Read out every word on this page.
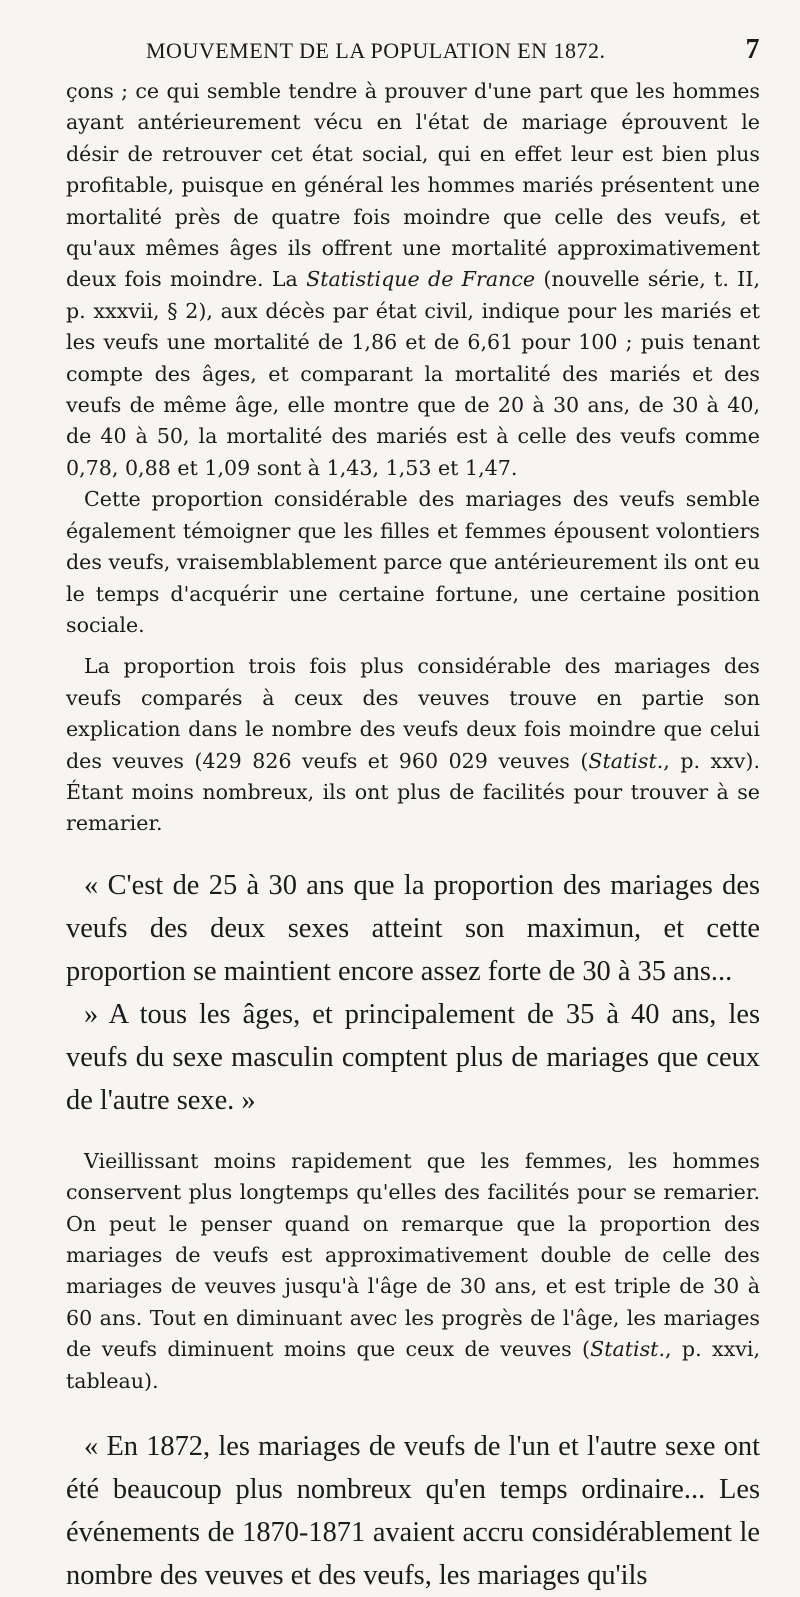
MOUVEMENT DE LA POPULATION EN 1872.	7

çons ; ce qui semble tendre à prouver d'une part que les hommes ayant antérieurement vécu en l'état de mariage éprouvent le désir de retrouver cet état social, qui en effet leur est bien plus profitable, puisque en général les hommes mariés présentent une mortalité près de quatre fois moindre que celle des veufs, et qu'aux mêmes âges ils offrent une mortalité approximativement deux fois moindre. La Statistique de France (nouvelle série, t. II, p. xxxvii, § 2), aux décès par état civil, indique pour les mariés et les veufs une mortalité de 1,86 et de 6,61 pour 100 ; puis tenant compte des âges, et comparant la mortalité des mariés et des veufs de même âge, elle montre que de 20 à 30 ans, de 30 à 40, de 40 à 50, la mortalité des mariés est à celle des veufs comme 0,78, 0,88 et 1,09 sont à 1,43, 1,53 et 1,47.

Cette proportion considérable des mariages des veufs semble également témoigner que les filles et femmes épousent volontiers des veufs, vraisemblablement parce que antérieurement ils ont eu le temps d'acquérir une certaine fortune, une certaine position sociale.

La proportion trois fois plus considérable des mariages des veufs comparés à ceux des veuves trouve en partie son explication dans le nombre des veufs deux fois moindre que celui des veuves (429 826 veufs et 960 029 veuves (Statist., p. xxv). Étant moins nombreux, ils ont plus de facilités pour trouver à se remarier.

« C'est de 25 à 30 ans que la proportion des mariages des veufs des deux sexes atteint son maximun, et cette proportion se maintient encore assez forte de 30 à 35 ans...

» A tous les âges, et principalement de 35 à 40 ans, les veufs du sexe masculin comptent plus de mariages que ceux de l'autre sexe. »

Vieillissant moins rapidement que les femmes, les hommes conservent plus longtemps qu'elles des facilités pour se remarier. On peut le penser quand on remarque que la proportion des mariages de veufs est approximativement double de celle des mariages de veuves jusqu'à l'âge de 30 ans, et est triple de 30 à 60 ans. Tout en diminuant avec les progrès de l'âge, les mariages de veufs diminuent moins que ceux de veuves (Statist., p. xxvi, tableau).

« En 1872, les mariages de veufs de l'un et l'autre sexe ont été beaucoup plus nombreux qu'en temps ordinaire... Les événements de 1870-1871 avaient accru considérablement le nombre des veuves et des veufs, les mariages qu'ils
